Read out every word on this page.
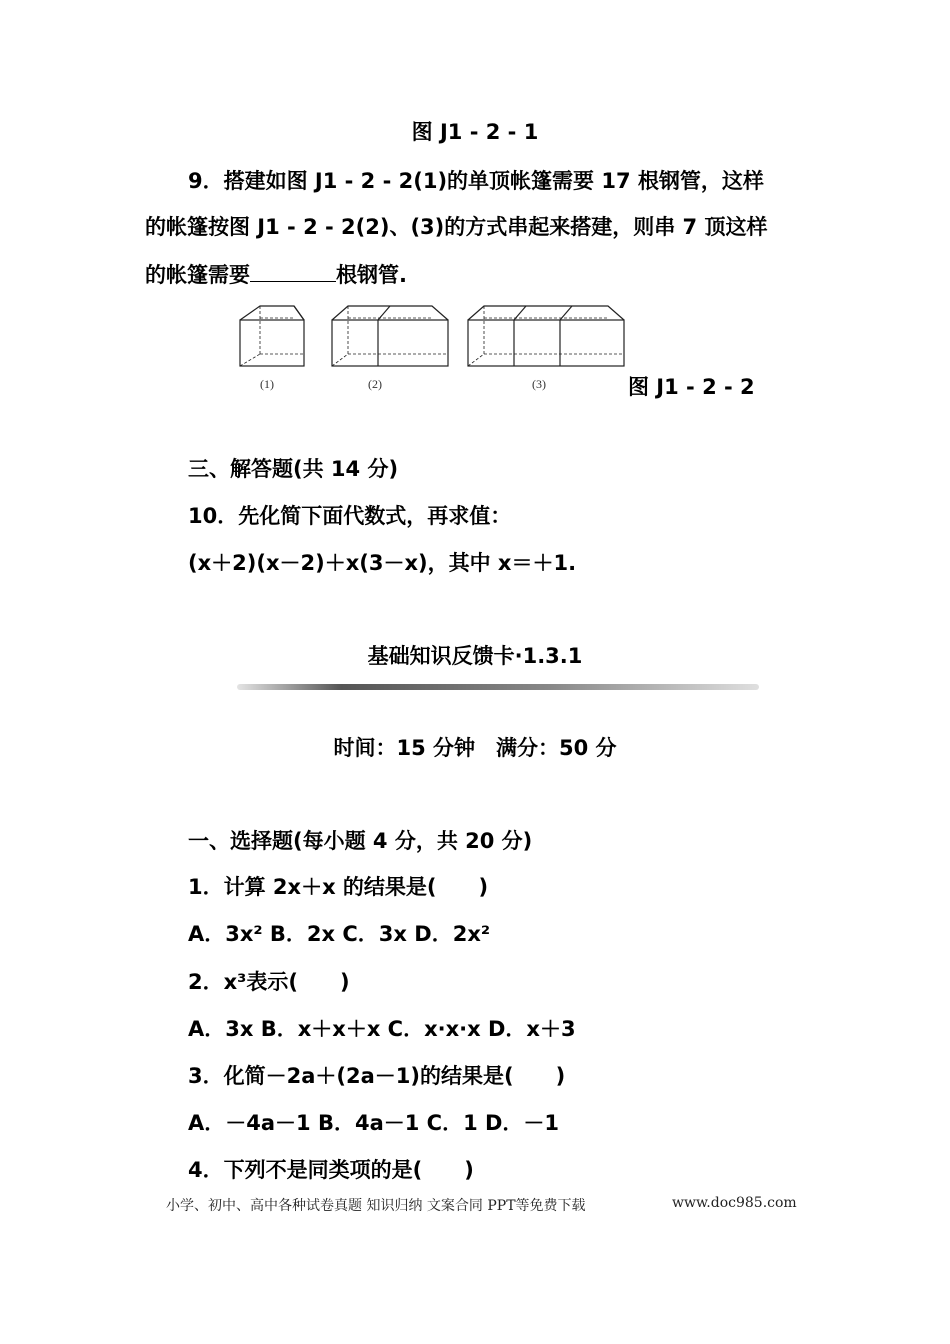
图 J1 - 2 - 1
9．搭建如图 J1 - 2 - 2(1)的单顶帐篷需要 17 根钢管，这样
的帐篷按图 J1 - 2 - 2(2)、(3)的方式串起来搭建，则串 7 顶这样
的帐篷需要	根钢管.
(1)	(2)	(3)	图 J1 - 2 - 2
三、解答题(共 14 分)
10．先化简下面代数式，再求值：
(x＋2)(x－2)＋x(3－x)，其中 x＝＋1.
基础知识反馈卡·1.3.1
时间：15 分钟　满分：50 分
一、选择题(每小题 4 分，共 20 分)
1．计算 2x＋x 的结果是(　　)
A．3x² B．2x C．3x D．2x²
2．x³表示(　　)
A．3x B．x＋x＋x C．x·x·x D．x＋3
3．化简－2a＋(2a－1)的结果是(　　)
A．－4a－1 B．4a－1 C．1 D．－1
4．下列不是同类项的是(　　)
小学、初中、高中各种试卷真题 知识归纳 文案合同 PPT等免费下载	www.doc985.com
